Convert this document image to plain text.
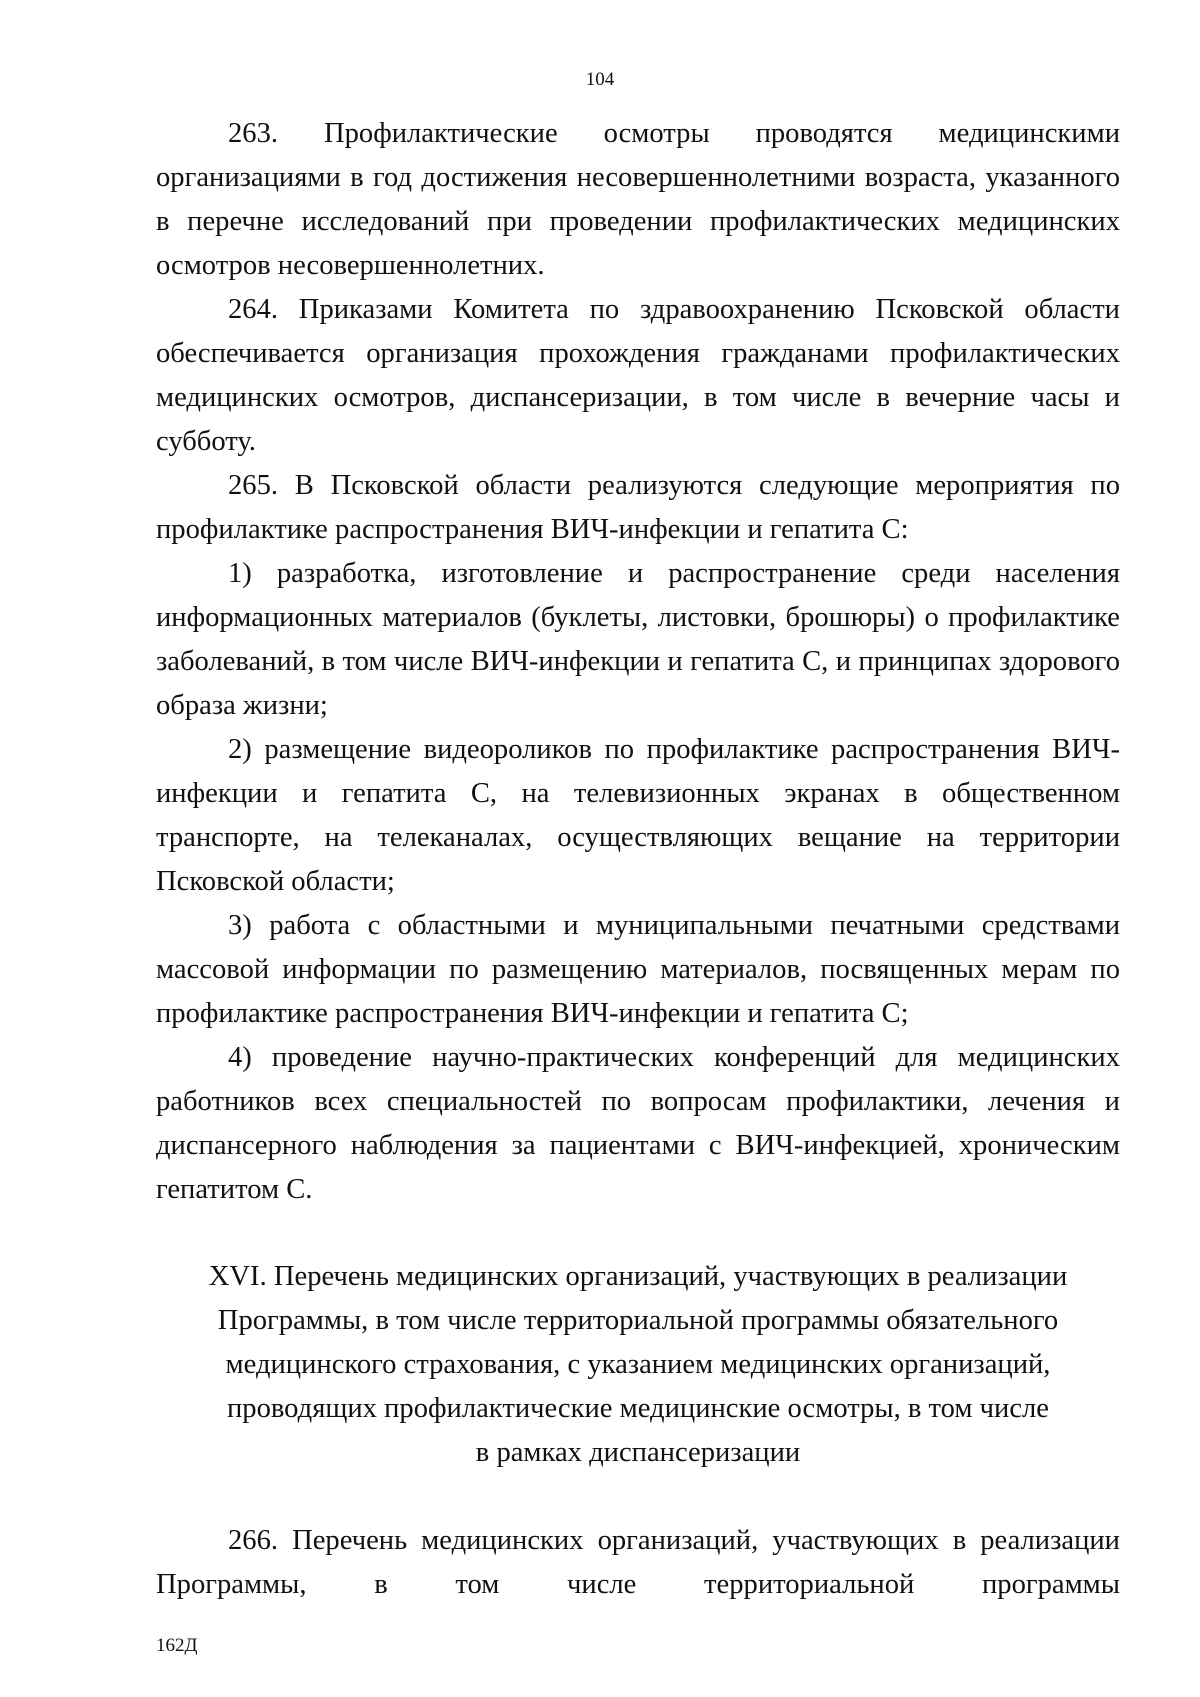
104

263. Профилактические осмотры проводятся медицинскими организациями в год достижения несовершеннолетними возраста, указанного в перечне исследований при проведении профилактических медицинских осмотров несовершеннолетних.

264. Приказами Комитета по здравоохранению Псковской области обеспечивается организация прохождения гражданами профилактических медицинских осмотров, диспансеризации, в том числе в вечерние часы и субботу.

265. В Псковской области реализуются следующие мероприятия по профилактике распространения ВИЧ-инфекции и гепатита С:

1) разработка, изготовление и распространение среди населения информационных материалов (буклеты, листовки, брошюры) о профилактике заболеваний, в том числе ВИЧ-инфекции и гепатита С, и принципах здорового образа жизни;

2) размещение видеороликов по профилактике распространения ВИЧ-инфекции и гепатита С, на телевизионных экранах в общественном транспорте, на телеканалах, осуществляющих вещание на территории Псковской области;

3) работа с областными и муниципальными печатными средствами массовой информации по размещению материалов, посвященных мерам по профилактике распространения ВИЧ-инфекции и гепатита С;

4) проведение научно-практических конференций для медицинских работников всех специальностей по вопросам профилактики, лечения и диспансерного наблюдения за пациентами с ВИЧ-инфекцией, хроническим гепатитом С.

XVI. Перечень медицинских организаций, участвующих в реализации

Программы, в том числе территориальной программы обязательного

медицинского страхования, с указанием медицинских организаций,

проводящих профилактические медицинские осмотры, в том числе

в рамках диспансеризации

266. Перечень медицинских организаций, участвующих в реализации Программы, в том числе территориальной программы

162Д
